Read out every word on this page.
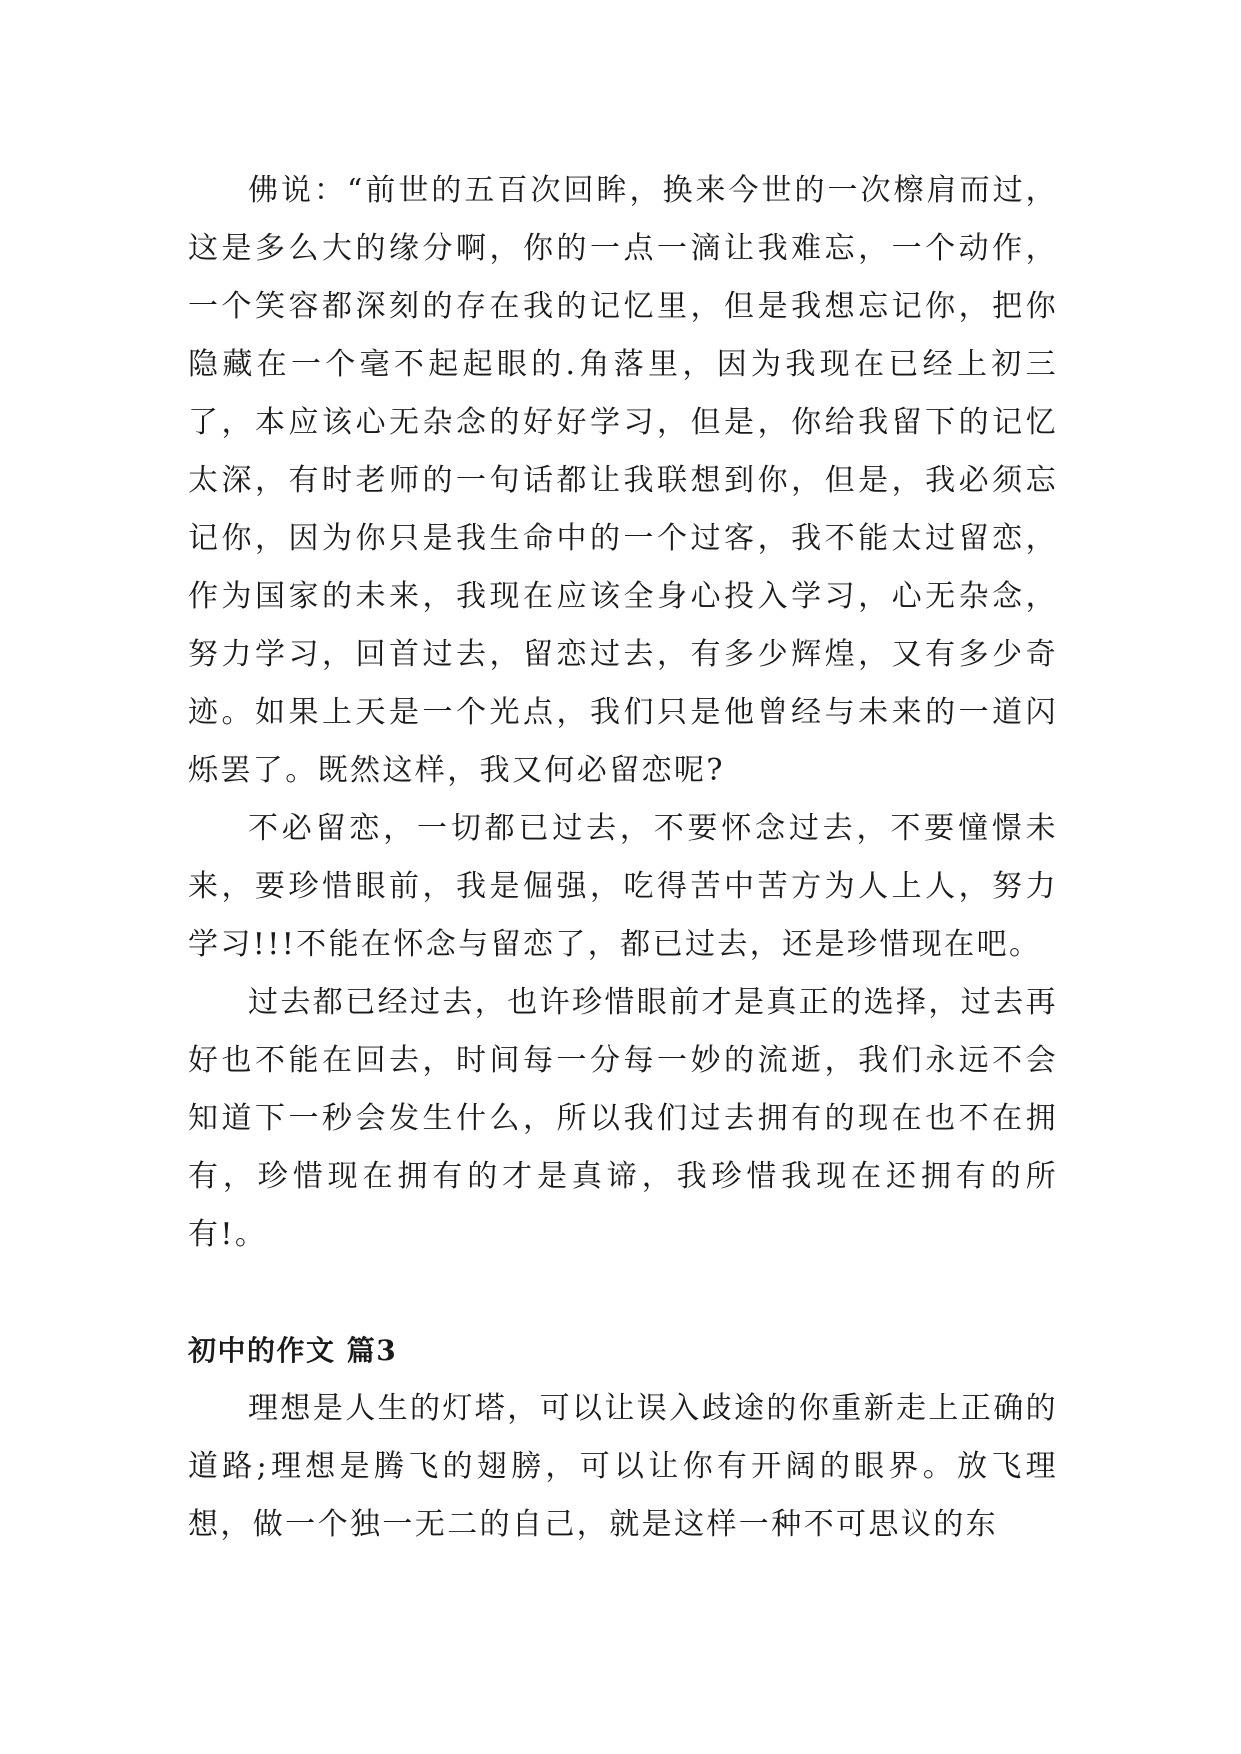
佛说：“前世的五百次回眸，换来今世的一次檫肩而过，这是多么大的缘分啊，你的一点一滴让我难忘，一个动作，一个笑容都深刻的存在我的记忆里，但是我想忘记你，把你隐藏在一个毫不起起眼的.角落里，因为我现在已经上初三了，本应该心无杂念的好好学习，但是，你给我留下的记忆太深，有时老师的一句话都让我联想到你，但是，我必须忘记你，因为你只是我生命中的一个过客，我不能太过留恋，作为国家的未来，我现在应该全身心投入学习，心无杂念，努力学习，回首过去，留恋过去，有多少辉煌，又有多少奇迹。如果上天是一个光点，我们只是他曾经与未来的一道闪烁罢了。既然这样，我又何必留恋呢?

不必留恋，一切都已过去，不要怀念过去，不要憧憬未来，要珍惜眼前，我是倔强，吃得苦中苦方为人上人，努力学习!!!不能在怀念与留恋了，都已过去，还是珍惜现在吧。

过去都已经过去，也许珍惜眼前才是真正的选择，过去再好也不能在回去，时间每一分每一妙的流逝，我们永远不会知道下一秒会发生什么，所以我们过去拥有的现在也不在拥有，珍惜现在拥有的才是真谛，我珍惜我现在还拥有的所有!。

初中的作文 篇3

理想是人生的灯塔，可以让误入歧途的你重新走上正确的道路;理想是腾飞的翅膀，可以让你有开阔的眼界。放飞理想，做一个独一无二的自己，就是这样一种不可思议的东
